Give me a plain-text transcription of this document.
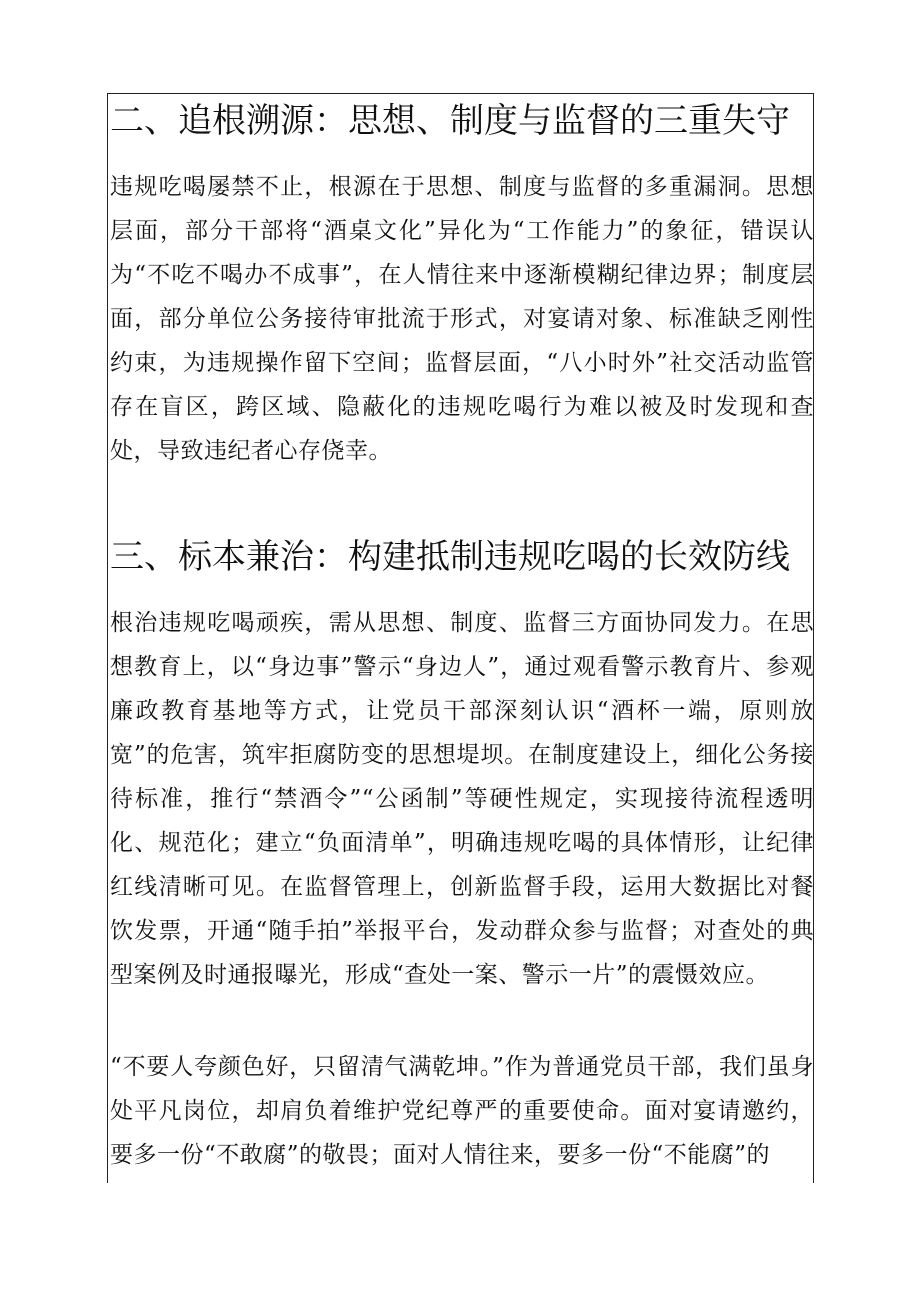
二、追根溯源：思想、制度与监督的三重失守

违规吃喝屡禁不止，根源在于思想、制度与监督的多重漏洞。思想层面，部分干部将“酒桌文化”异化为“工作能力”的象征，错误认为“不吃不喝办不成事”，在人情往来中逐渐模糊纪律边界；制度层面，部分单位公务接待审批流于形式，对宴请对象、标准缺乏刚性约束，为违规操作留下空间；监督层面，“八小时外”社交活动监管存在盲区，跨区域、隐蔽化的违规吃喝行为难以被及时发现和查处，导致违纪者心存侥幸。

三、标本兼治：构建抵制违规吃喝的长效防线

根治违规吃喝顽疾，需从思想、制度、监督三方面协同发力。在思想教育上，以“身边事”警示“身边人”，通过观看警示教育片、参观廉政教育基地等方式，让党员干部深刻认识“酒杯一端，原则放宽”的危害，筑牢拒腐防变的思想堤坝。在制度建设上，细化公务接待标准，推行“禁酒令”“公函制”等硬性规定，实现接待流程透明化、规范化；建立“负面清单”，明确违规吃喝的具体情形，让纪律红线清晰可见。在监督管理上，创新监督手段，运用大数据比对餐饮发票，开通“随手拍”举报平台，发动群众参与监督；对查处的典型案例及时通报曝光，形成“查处一案、警示一片”的震慑效应。

“不要人夸颜色好，只留清气满乾坤。”作为普通党员干部，我们虽身处平凡岗位，却肩负着维护党纪尊严的重要使命。面对宴请邀约，要多一份“不敢腐”的敬畏；面对人情往来，要多一份“不能腐”的
